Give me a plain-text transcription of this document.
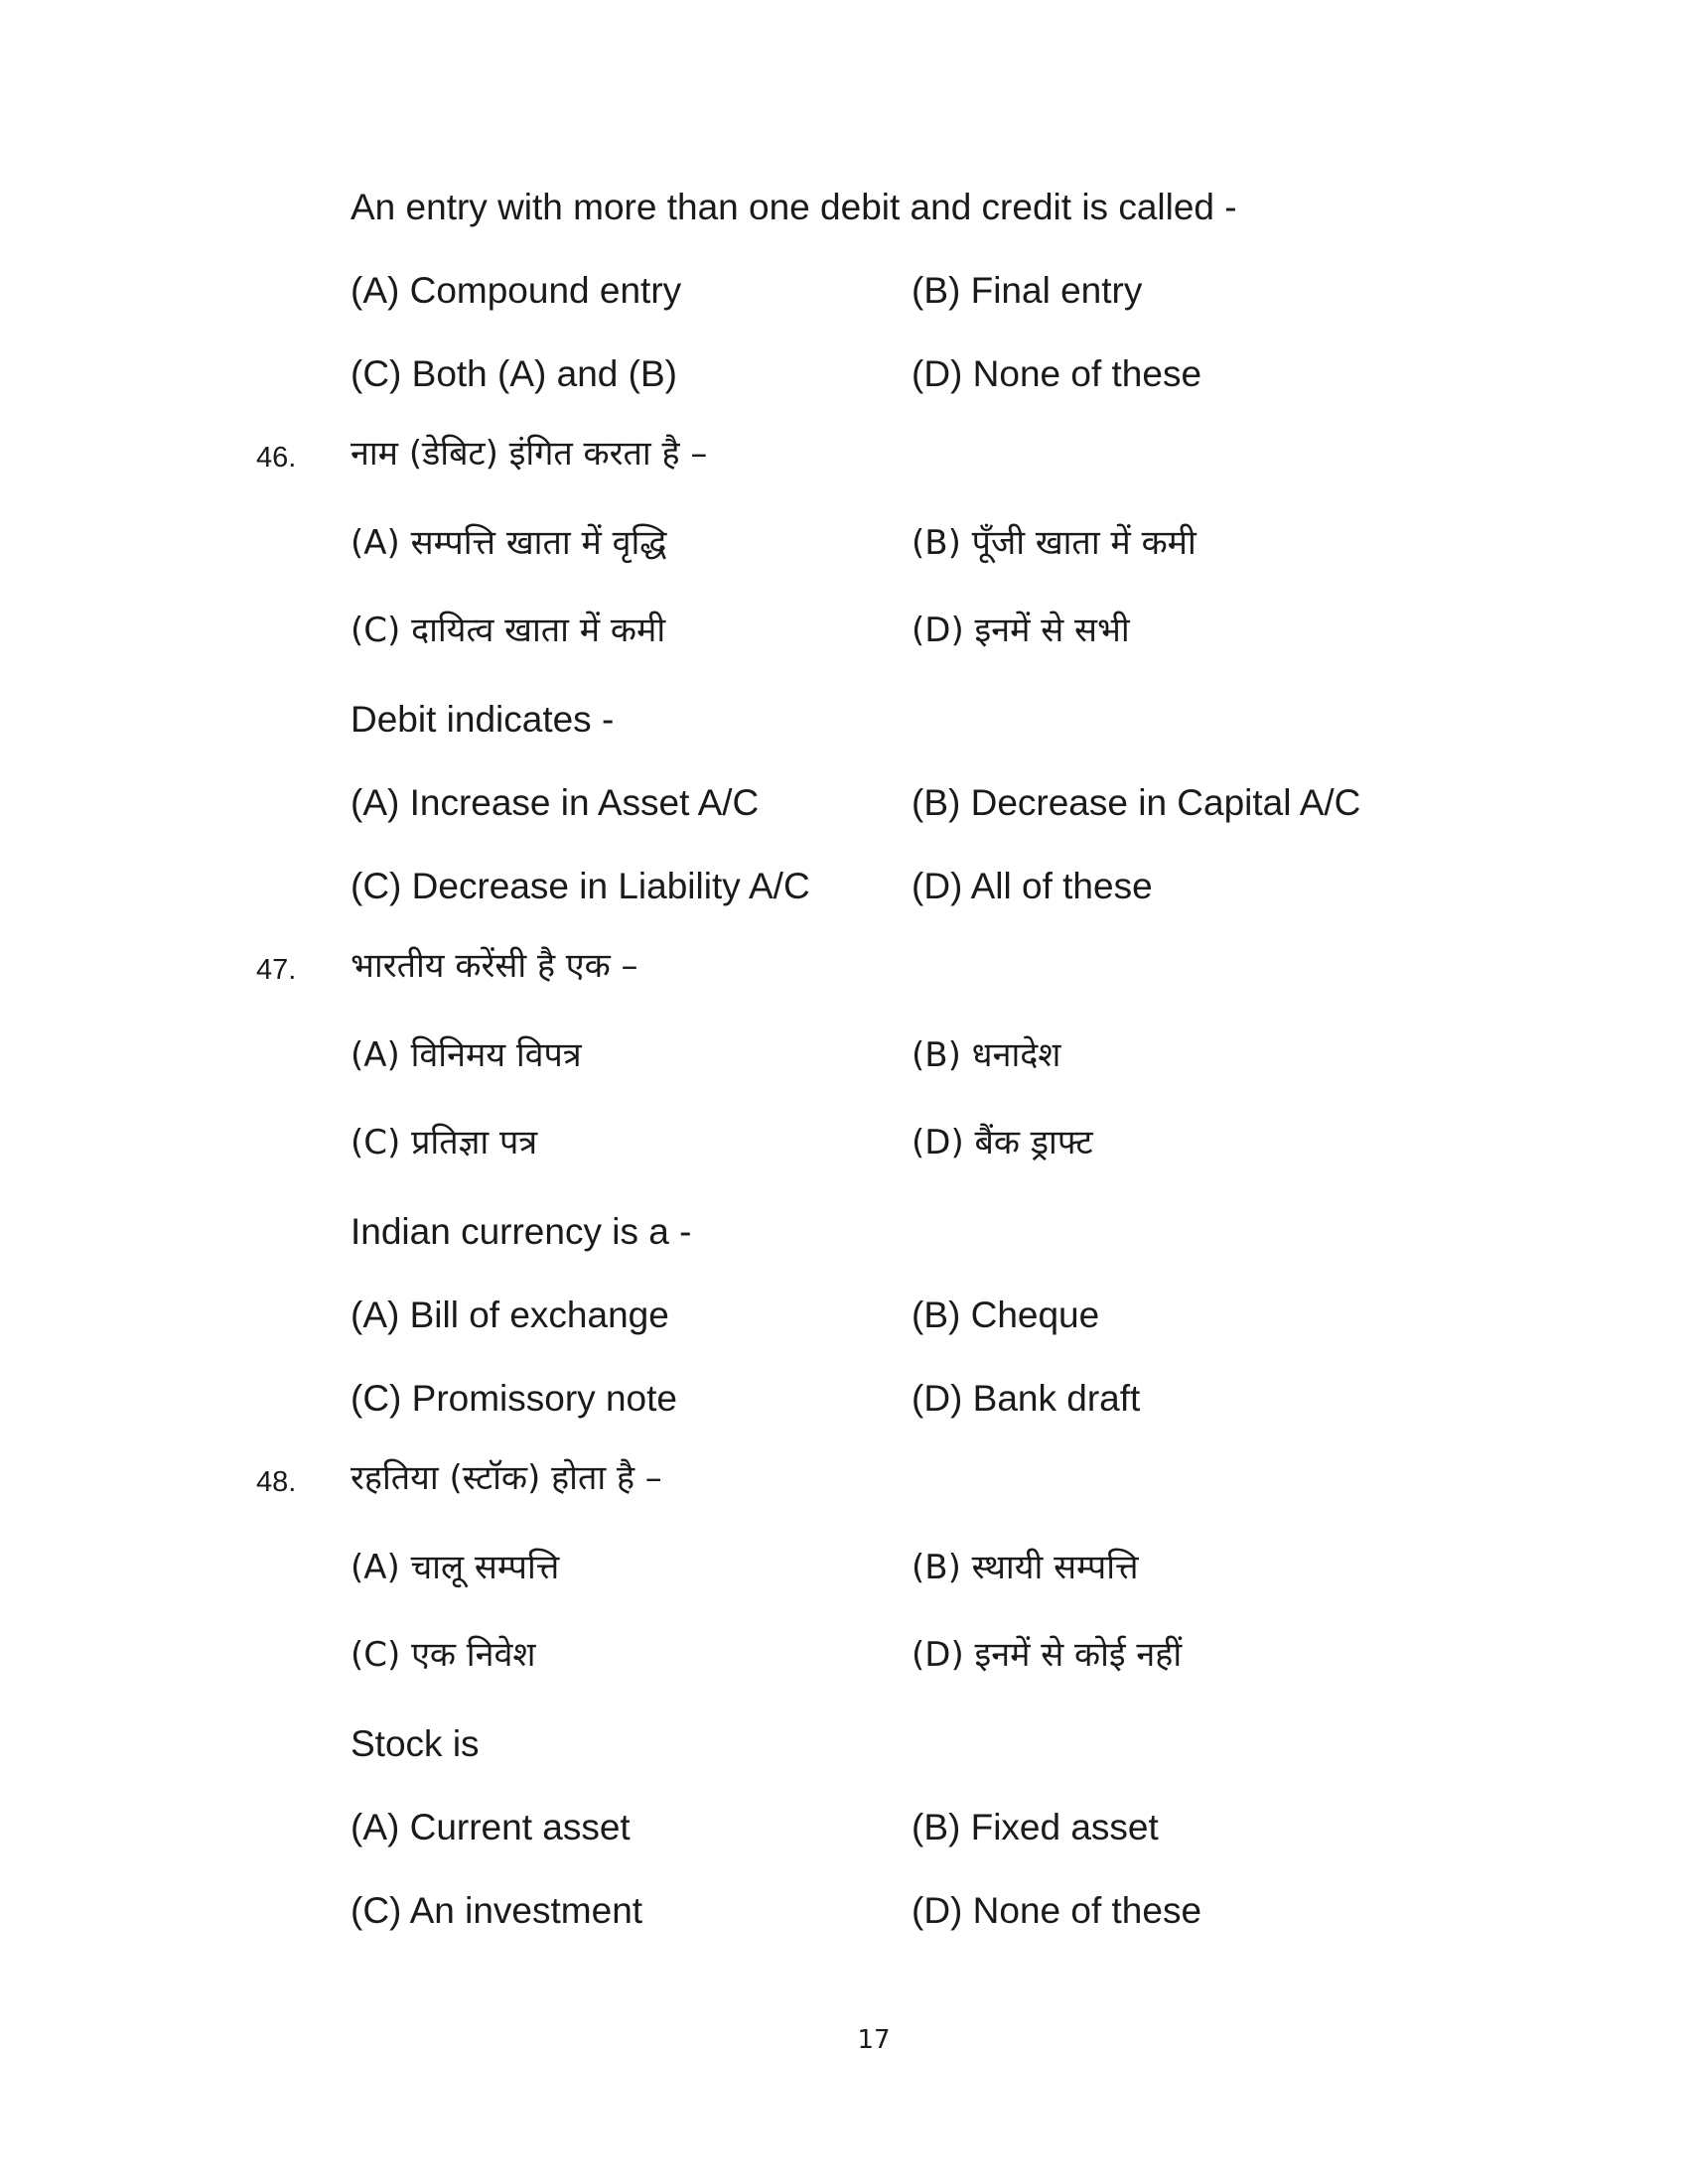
An entry with more than one debit and credit is called -
(A) Compound entry	(B) Final entry
(C) Both (A) and (B)	(D) None of these
46. नाम (डेबिट) इंगित करता है –
(A) सम्पत्ति खाता में वृद्धि	(B) पूँजी खाता में कमी
(C) दायित्व खाता में कमी	(D) इनमें से सभी
Debit indicates -
(A) Increase in Asset A/C	(B) Decrease in Capital A/C
(C) Decrease in Liability A/C	(D) All of these
47. भारतीय करेंसी है एक –
(A) विनिमय विपत्र	(B) धनादेश
(C) प्रतिज्ञा पत्र	(D) बैंक ड्राफ्ट
Indian currency is a -
(A) Bill of exchange	(B) Cheque
(C) Promissory note	(D) Bank draft
48. रहतिया (स्टॉक) होता है –
(A) चालू सम्पत्ति	(B) स्थायी सम्पत्ति
(C) एक निवेश	(D) इनमें से कोई नहीं
Stock is
(A) Current asset	(B) Fixed asset
(C) An investment	(D) None of these
17
